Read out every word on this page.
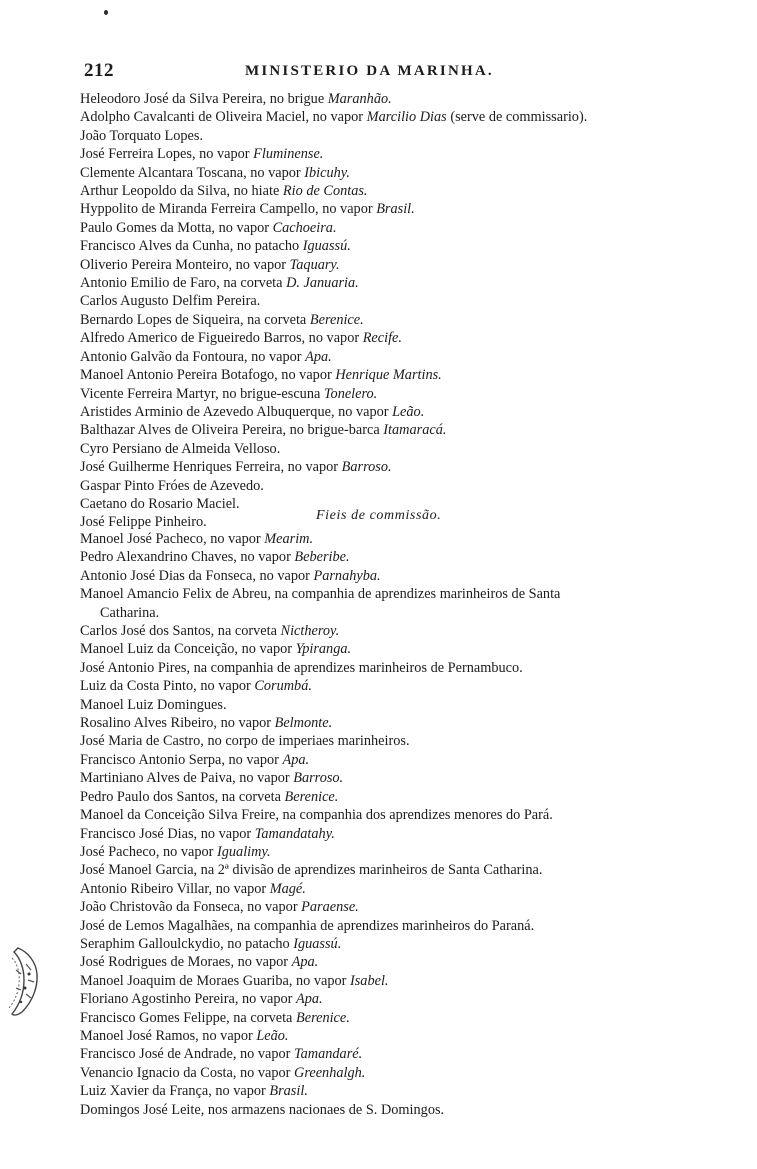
212	MINISTERIO DA MARINHA.
Heleodoro José da Silva Pereira, no brigue Maranhão.
Adolpho Cavalcanti de Oliveira Maciel, no vapor Marcilio Dias (serve de commissario).
João Torquato Lopes.
José Ferreira Lopes, no vapor Fluminense.
Clemente Alcantara Toscana, no vapor Ibicuhy.
Arthur Leopoldo da Silva, no hiate Rio de Contas.
Hyppolito de Miranda Ferreira Campello, no vapor Brasil.
Paulo Gomes da Motta, no vapor Cachoeira.
Francisco Alves da Cunha, no patacho Iguassú.
Oliverio Pereira Monteiro, no vapor Taquary.
Antonio Emilio de Faro, na corveta D. Januaria.
Carlos Augusto Delfim Pereira.
Bernardo Lopes de Siqueira, na corveta Berenice.
Alfredo Americo de Figueiredo Barros, no vapor Recife.
Antonio Galvão da Fontoura, no vapor Apa.
Manoel Antonio Pereira Botafogo, no vapor Henrique Martins.
Vicente Ferreira Martyr, no brigue-escuna Tonelero.
Aristides Arminio de Azevedo Albuquerque, no vapor Leão.
Balthazar Alves de Oliveira Pereira, no brigue-barca Itamaracá.
Cyro Persiano de Almeida Velloso.
José Guilherme Henriques Ferreira, no vapor Barroso.
Gaspar Pinto Fróes de Azevedo.
Caetano do Rosario Maciel.
José Felippe Pinheiro.	Fieis de commissão.
Manoel José Pacheco, no vapor Mearim.
Pedro Alexandrino Chaves, no vapor Beberibe.
Antonio José Dias da Fonseca, no vapor Parnahyba.
Manoel Amancio Felix de Abreu, na companhia de aprendizes marinheiros de Santa
Catharina.
Carlos José dos Santos, na corveta Nictheroy.
Manoel Luiz da Conceição, no vapor Ypiranga.
José Antonio Pires, na companhia de aprendizes marinheiros de Pernambuco.
Luiz da Costa Pinto, no vapor Corumbá.
Manoel Luiz Domingues.
Rosalino Alves Ribeiro, no vapor Belmonte.
José Maria de Castro, no corpo de imperiaes marinheiros.
Francisco Antonio Serpa, no vapor Apa.
Martiniano Alves de Paiva, no vapor Barroso.
Pedro Paulo dos Santos, na corveta Berenice.
Manoel da Conceição Silva Freire, na companhia dos aprendizes menores do Pará.
Francisco José Dias, no vapor Tamandatahy.
José Pacheco, no vapor Igualimy.
José Manoel Garcia, na 2ª divisão de aprendizes marinheiros de Santa Catharina.
Antonio Ribeiro Villar, no vapor Magé.
João Christovão da Fonseca, no vapor Paraense.
José de Lemos Magalhães, na companhia de aprendizes marinheiros do Paraná.
Seraphim Galloulckydio, no patacho Iguassú.
José Rodrigues de Moraes, no vapor Apa.
Manoel Joaquim de Moraes Guariba, no vapor Isabel.
Floriano Agostinho Pereira, no vapor Apa.
Francisco Gomes Felippe, na corveta Berenice.
Manoel José Ramos, no vapor Leão.
Francisco José de Andrade, no vapor Tamandaré.
Venancio Ignacio da Costa, no vapor Greenhalgh.
Luiz Xavier da França, no vapor Brasil.
Domingos José Leite, nos armazens nacionaes de S. Domingos.
